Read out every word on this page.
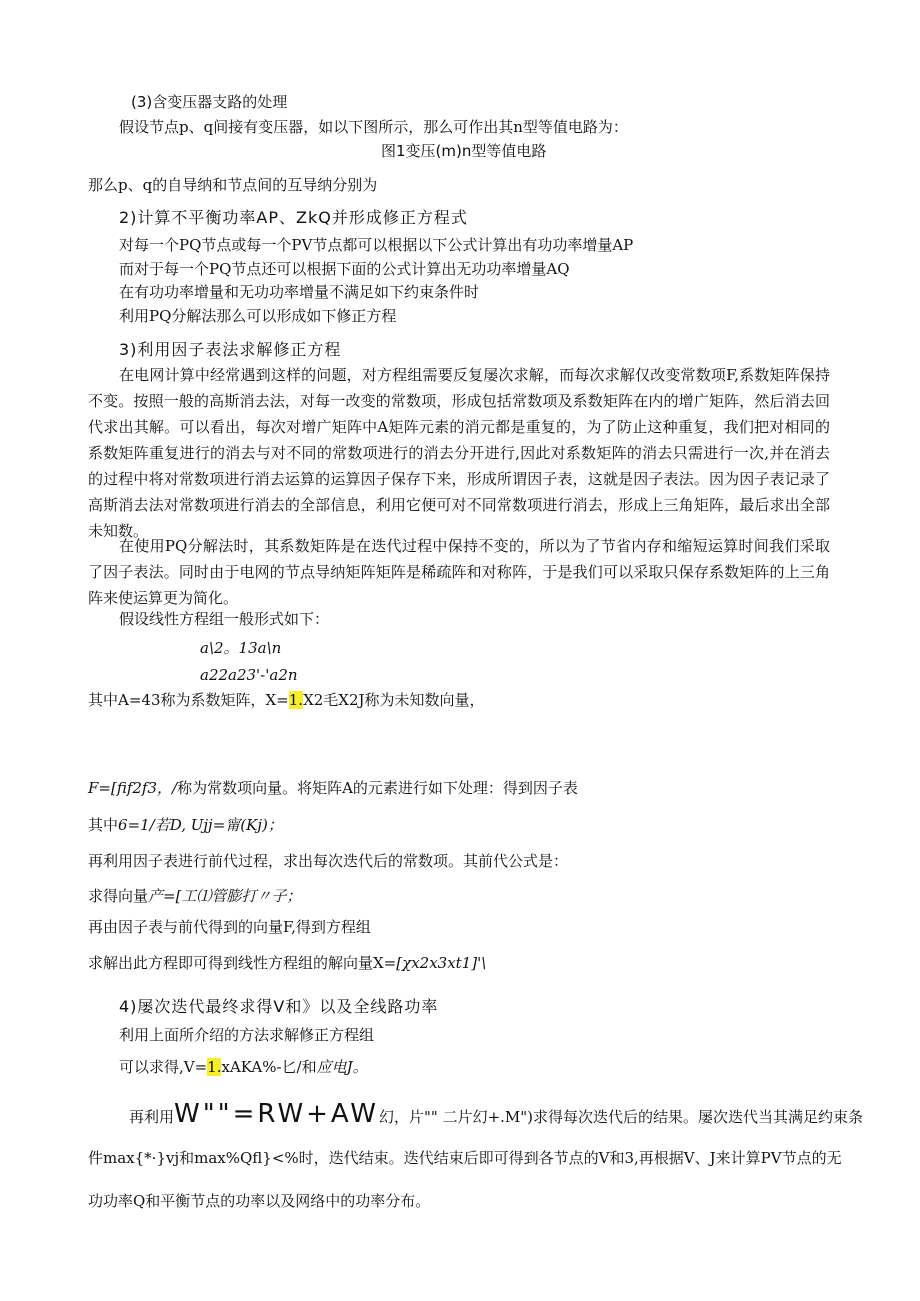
(3)含变压器支路的处理
假设节点p、q间接有变压器，如以下图所示，那么可作出其n型等值电路为：
图1变压(m)n型等值电路
那么p、q的自导纳和节点间的互导纳分别为
2)计算不平衡功率AP、ZkQ并形成修正方程式
对每一个PQ节点或每一个PV节点都可以根据以下公式计算出有功功率增量AP
而对于每一个PQ节点还可以根据下面的公式计算出无功功率增量AQ
在有功功率增量和无功功率增量不满足如下约束条件时
利用PQ分解法那么可以形成如下修正方程
3)利用因子表法求解修正方程
在电网计算中经常遇到这样的问题，对方程组需要反复屡次求解，而每次求解仅改变常数项F,系数矩阵保持不变。按照一般的高斯消去法，对每一改变的常数项，形成包括常数项及系数矩阵在内的增广矩阵，然后消去回代求出其解。可以看出，每次对增广矩阵中A矩阵元素的消元都是重复的，为了防止这种重复，我们把对相同的系数矩阵重复进行的消去与对不同的常数项进行的消去分开进行,因此对系数矩阵的消去只需进行一次,并在消去的过程中将对常数项进行消去运算的运算因子保存下来，形成所谓因子表，这就是因子表法。因为因子表记录了高斯消去法对常数项进行消去的全部信息，利用它便可对不同常数项进行消去，形成上三角矩阵，最后求出全部未知数。
在使用PQ分解法时，其系数矩阵是在迭代过程中保持不变的，所以为了节省内存和缩短运算时间我们采取了因子表法。同时由于电网的节点导纳矩阵矩阵是稀疏阵和对称阵，于是我们可以采取只保存系数矩阵的上三角阵来使运算更为简化。
假设线性方程组一般形式如下：
a\2。13a\n
a22a23'-'a2n
其中A=43称为系数矩阵，X=1.X2毛X2J称为未知数向量，
F=[fif2f3，/称为常数项向量。将矩阵A的元素进行如下处理：得到因子表
其中6=1/若D, Ujj=甯(Kj)；
再利用因子表进行前代过程，求出每次迭代后的常数项。其前代公式是：
求得向量产=[工⑴管膨打〃子；
再由因子表与前代得到的向量F,得到方程组
求解出此方程即可得到线性方程组的解向量X=[χx2x3xt1]'\
4)屡次迭代最终求得V和》以及全线路功率
利用上面所介绍的方法求解修正方程组
可以求得,V=1.xAKA%-匕/和应电J。
再利用W""=RW+AW幻，片"" 二片幻+.M")求得每次迭代后的结果。屡次迭代当其满足约束条
件max{*·}vj和max%Qfl}<%时，迭代结束。迭代结束后即可得到各节点的V和3,再根据V、J来计算PV节点的无
功功率Q和平衡节点的功率以及网络中的功率分布。
